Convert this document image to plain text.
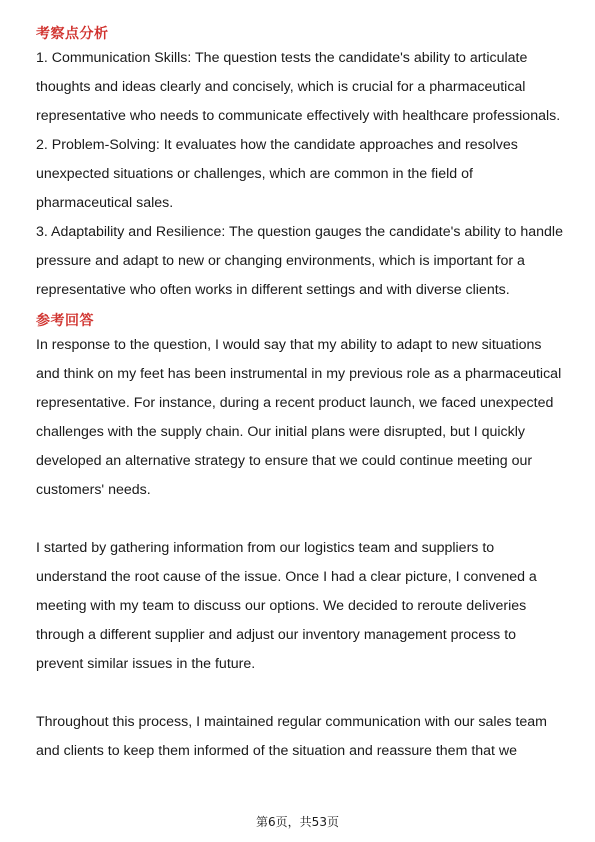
考察点分析

1. Communication Skills: The question tests the candidate's ability to articulate thoughts and ideas clearly and concisely, which is crucial for a pharmaceutical representative who needs to communicate effectively with healthcare professionals.

2. Problem-Solving: It evaluates how the candidate approaches and resolves unexpected situations or challenges, which are common in the field of pharmaceutical sales.

3. Adaptability and Resilience: The question gauges the candidate's ability to handle pressure and adapt to new or changing environments, which is important for a representative who often works in different settings and with diverse clients.

参考回答

In response to the question, I would say that my ability to adapt to new situations and think on my feet has been instrumental in my previous role as a pharmaceutical representative. For instance, during a recent product launch, we faced unexpected challenges with the supply chain. Our initial plans were disrupted, but I quickly developed an alternative strategy to ensure that we could continue meeting our customers' needs.

I started by gathering information from our logistics team and suppliers to understand the root cause of the issue. Once I had a clear picture, I convened a meeting with my team to discuss our options. We decided to reroute deliveries through a different supplier and adjust our inventory management process to prevent similar issues in the future.

Throughout this process, I maintained regular communication with our sales team and clients to keep them informed of the situation and reassure them that we

第6页，共53页
